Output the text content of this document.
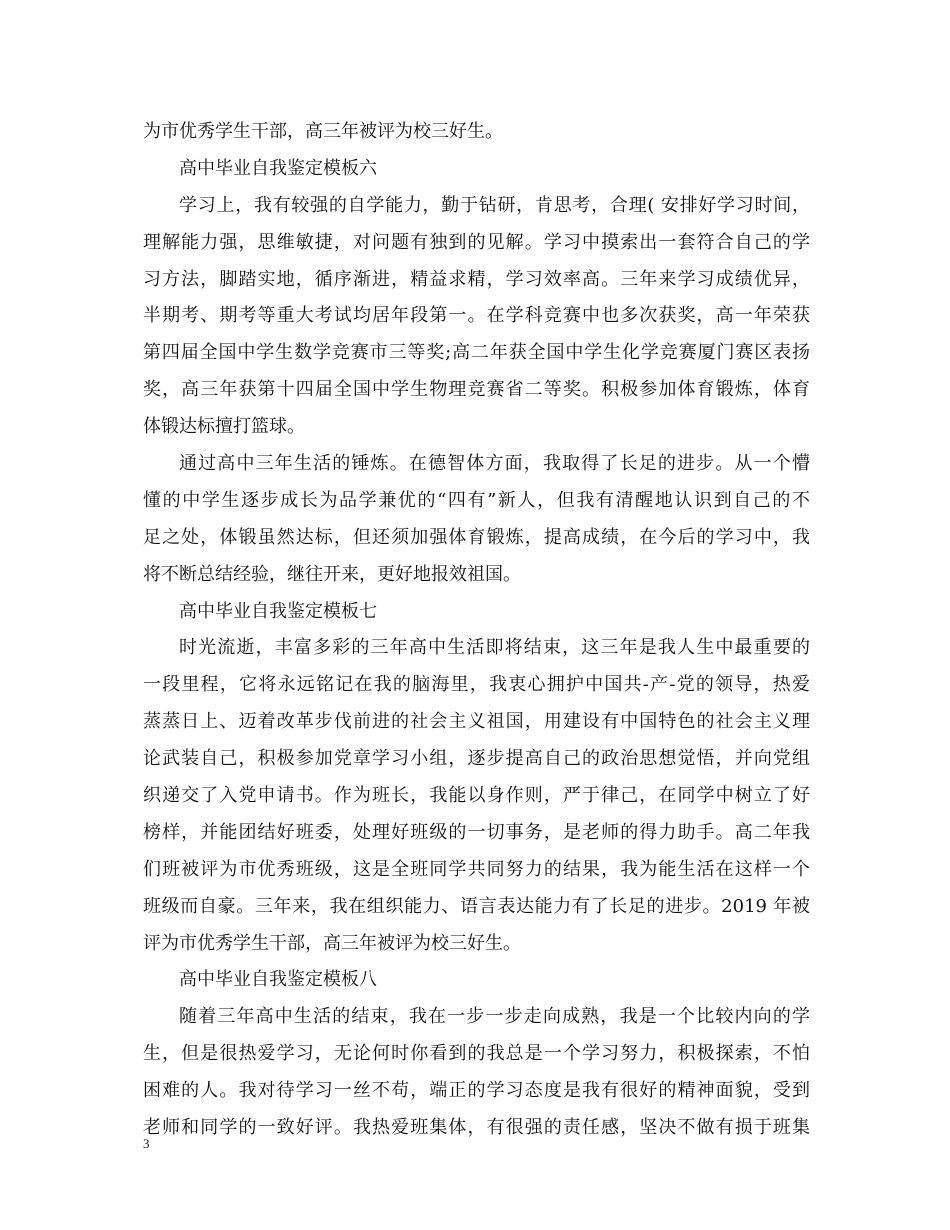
为市优秀学生干部，高三年被评为校三好生。
高中毕业自我鉴定模板六
学习上，我有较强的自学能力，勤于钻研，肯思考，合理( 安排好学习时间，
理解能力强，思维敏捷，对问题有独到的见解。学习中摸索出一套符合自己的学
习方法，脚踏实地，循序渐进，精益求精，学习效率高。三年来学习成绩优异，
半期考、期考等重大考试均居年段第一。在学科竞赛中也多次获奖，高一年荣获
第四届全国中学生数学竞赛市三等奖;高二年获全国中学生化学竞赛厦门赛区表扬
奖，高三年获第十四届全国中学生物理竞赛省二等奖。积极参加体育锻炼，体育
体锻达标擅打篮球。
通过高中三年生活的锤炼。在德智体方面，我取得了长足的进步。从一个懵
懂的中学生逐步成长为品学兼优的“四有”新人，但我有清醒地认识到自己的不
足之处，体锻虽然达标，但还须加强体育锻炼，提高成绩，在今后的学习中，我
将不断总结经验，继往开来，更好地报效祖国。
高中毕业自我鉴定模板七
时光流逝，丰富多彩的三年高中生活即将结束，这三年是我人生中最重要的
一段里程，它将永远铭记在我的脑海里，我衷心拥护中国共-产-党的领导，热爱
蒸蒸日上、迈着改革步伐前进的社会主义祖国，用建设有中国特色的社会主义理
论武装自己，积极参加党章学习小组，逐步提高自己的政治思想觉悟，并向党组
织递交了入党申请书。作为班长，我能以身作则，严于律己，在同学中树立了好
榜样，并能团结好班委，处理好班级的一切事务，是老师的得力助手。高二年我
们班被评为市优秀班级，这是全班同学共同努力的结果，我为能生活在这样一个
班级而自豪。三年来，我在组织能力、语言表达能力有了长足的进步。2019 年被
评为市优秀学生干部，高三年被评为校三好生。
高中毕业自我鉴定模板八
随着三年高中生活的结束，我在一步一步走向成熟，我是一个比较内向的学
生，但是很热爱学习，无论何时你看到的我总是一个学习努力，积极探索，不怕
困难的人。我对待学习一丝不苟，端正的学习态度是我有很好的精神面貌，受到
老师和同学的一致好评。我热爱班集体，有很强的责任感，坚决不做有损于班集
3
